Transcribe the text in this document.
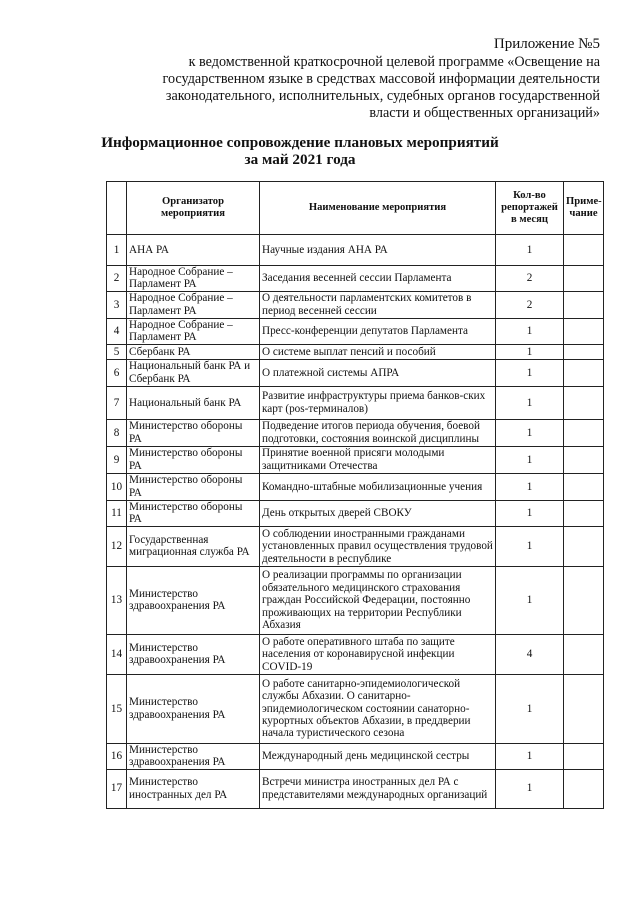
Приложение №5
к ведомственной краткосрочной целевой программе «Освещение на
государственном языке в средствах массовой информации деятельности
законодательного, исполнительных, судебных органов государственной
власти и общественных организаций»
Информационное сопровождение плановых мероприятий
за май 2021 года
	Организатор мероприятия	Наименование мероприятия	Кол-во репортажей в месяц	Приме-чание
1	АНА РА	Научные издания АНА РА	1	
2	Народное Собрание – Парламент РА	Заседания весенней сессии Парламента	2	
3	Народное Собрание – Парламент РА	О деятельности парламентских комитетов в период весенней сессии	2	
4	Народное Собрание – Парламент РА	Пресс-конференции депутатов Парламента	1	
5	Сбербанк РА	О системе выплат пенсий и пособий	1	
6	Национальный банк РА и Сбербанк РА	О платежной системы АПРА	1	
7	Национальный банк РА	Развитие инфраструктуры приема банков-ских карт (pos-терминалов)	1	
8	Министерство обороны РА	Подведение итогов периода обучения, боевой подготовки, состояния воинской дисциплины	1	
9	Министерство обороны РА	Принятие военной присяги молодыми защитниками Отечества	1	
10	Министерство обороны РА	Командно-штабные мобилизационные учения	1	
11	Министерство обороны РА	День открытых дверей СВОКУ	1	
12	Государственная миграционная служба РА	О соблюдении иностранными гражданами установленных правил осуществления трудовой деятельности в республике	1	
13	Министерство здравоохранения РА	О реализации программы по организации обязательного медицинского страхования граждан Российской Федерации, постоянно проживающих на территории Республики Абхазия	1	
14	Министерство здравоохранения РА	О работе оперативного штаба по защите населения от коронавирусной инфекции COVID-19	4	
15	Министерство здравоохранения РА	О работе санитарно-эпидемиологической службы Абхазии. О санитарно-эпидемиологическом состоянии санаторно-курортных объектов Абхазии, в преддверии начала туристического сезона	1	
16	Министерство здравоохранения РА	Международный день медицинской сестры	1	
17	Министерство иностранных дел РА	Встречи министра иностранных дел РА с представителями международных организаций	1	
